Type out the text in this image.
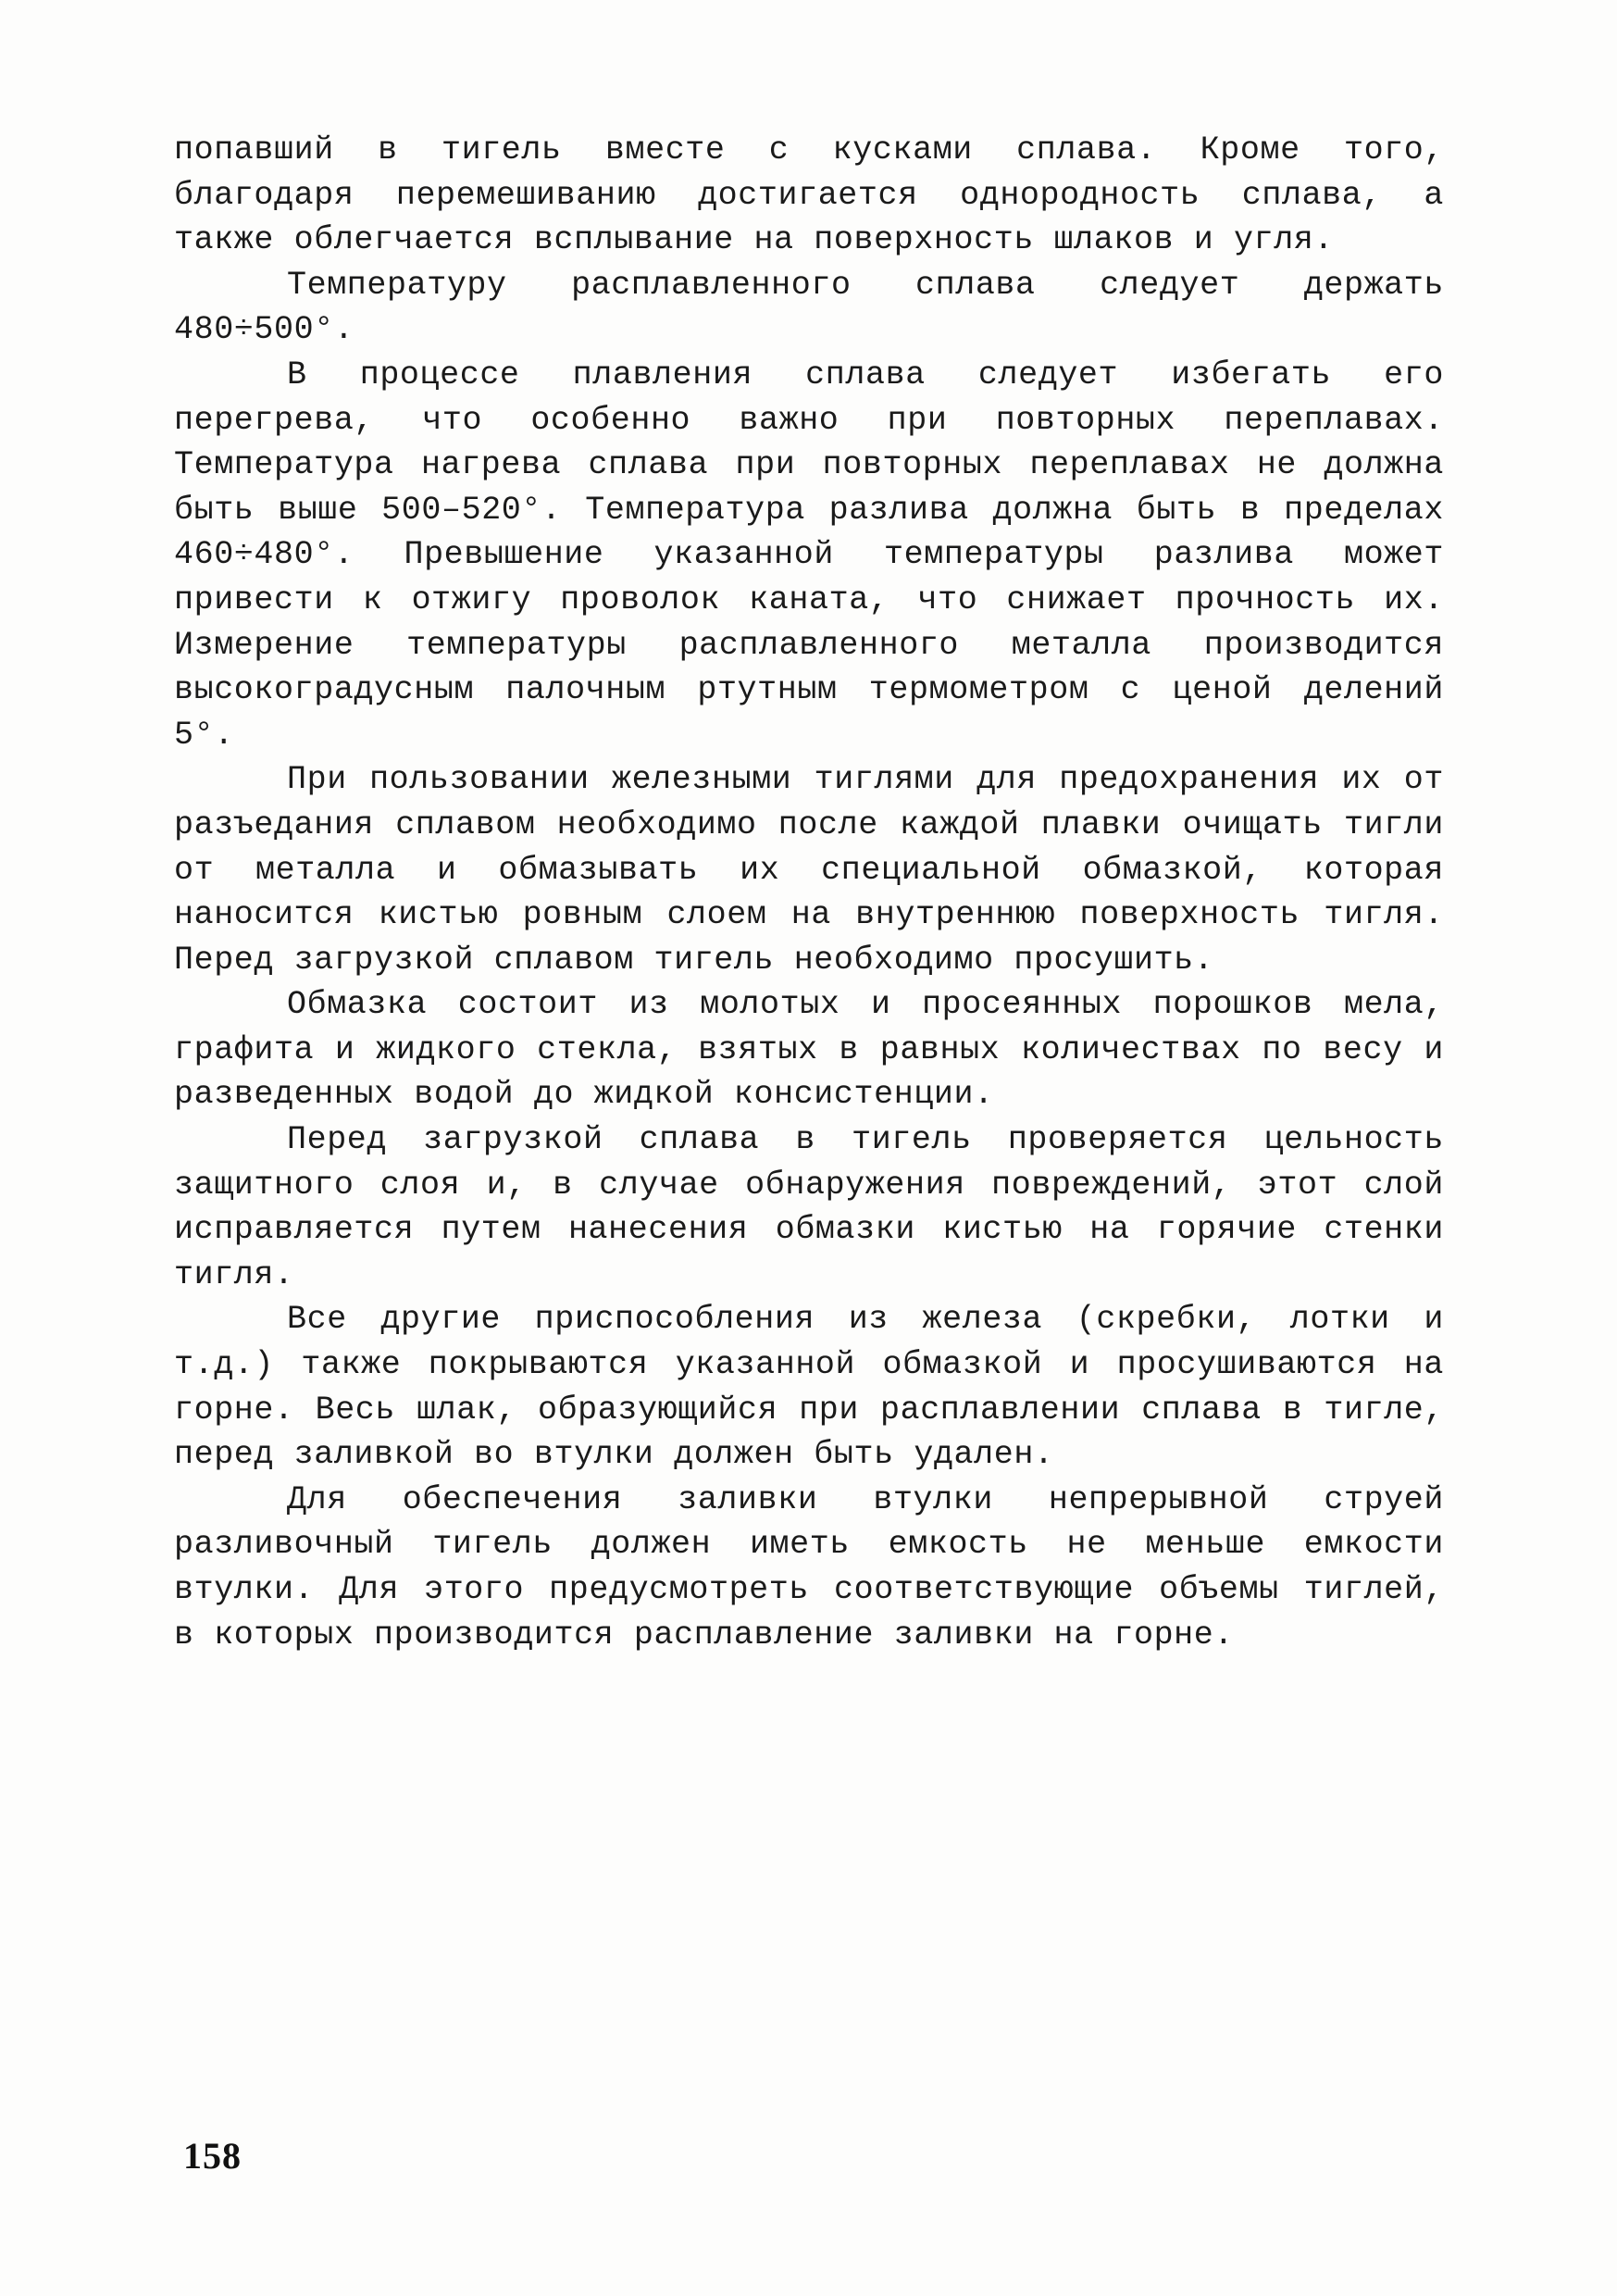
попавший в тигель вместе с кусками сплава. Кроме того, благодаря перемешиванию достигается однородность сплава, а также облегчается всплывание на поверхность шлаков и угля.

Температуру расплавленного сплава следует держать 480÷500°.

В процессе плавления сплава следует избегать его перегрева, что особенно важно при повторных переплавах. Температура нагрева сплава при повторных переплавах не должна быть выше 500–520°. Температура разлива должна быть в пределах 460÷480°. Превышение указанной температуры разлива может привести к отжигу проволок каната, что снижает прочность их. Измерение температуры расплавленного металла производится высокоградусным палочным ртутным термометром с ценой делений 5°.

При пользовании железными тиглями для предохранения их от разъедания сплавом необходимо после каждой плавки очищать тигли от металла и обмазывать их специальной обмазкой, которая наносится кистью ровным слоем на внутреннюю поверхность тигля. Перед загрузкой сплавом тигель необходимо просушить.

Обмазка состоит из молотых и просеянных порошков мела, графита и жидкого стекла, взятых в равных количествах по весу и разведенных водой до жидкой консистенции.

Перед загрузкой сплава в тигель проверяется цельность защитного слоя и, в случае обнаружения повреждений, этот слой исправляется путем нанесения обмазки кистью на горячие стенки тигля.

Все другие приспособления из железа (скребки, лотки и т.д.) также покрываются указанной обмазкой и просушиваются на горне. Весь шлак, образующийся при расплавлении сплава в тигле, перед заливкой во втулки должен быть удален.

Для обеспечения заливки втулки непрерывной струей разливочный тигель должен иметь емкость не меньше емкости втулки. Для этого предусмотреть соответствующие объемы тиглей, в которых производится расплавление заливки на горне.

158
